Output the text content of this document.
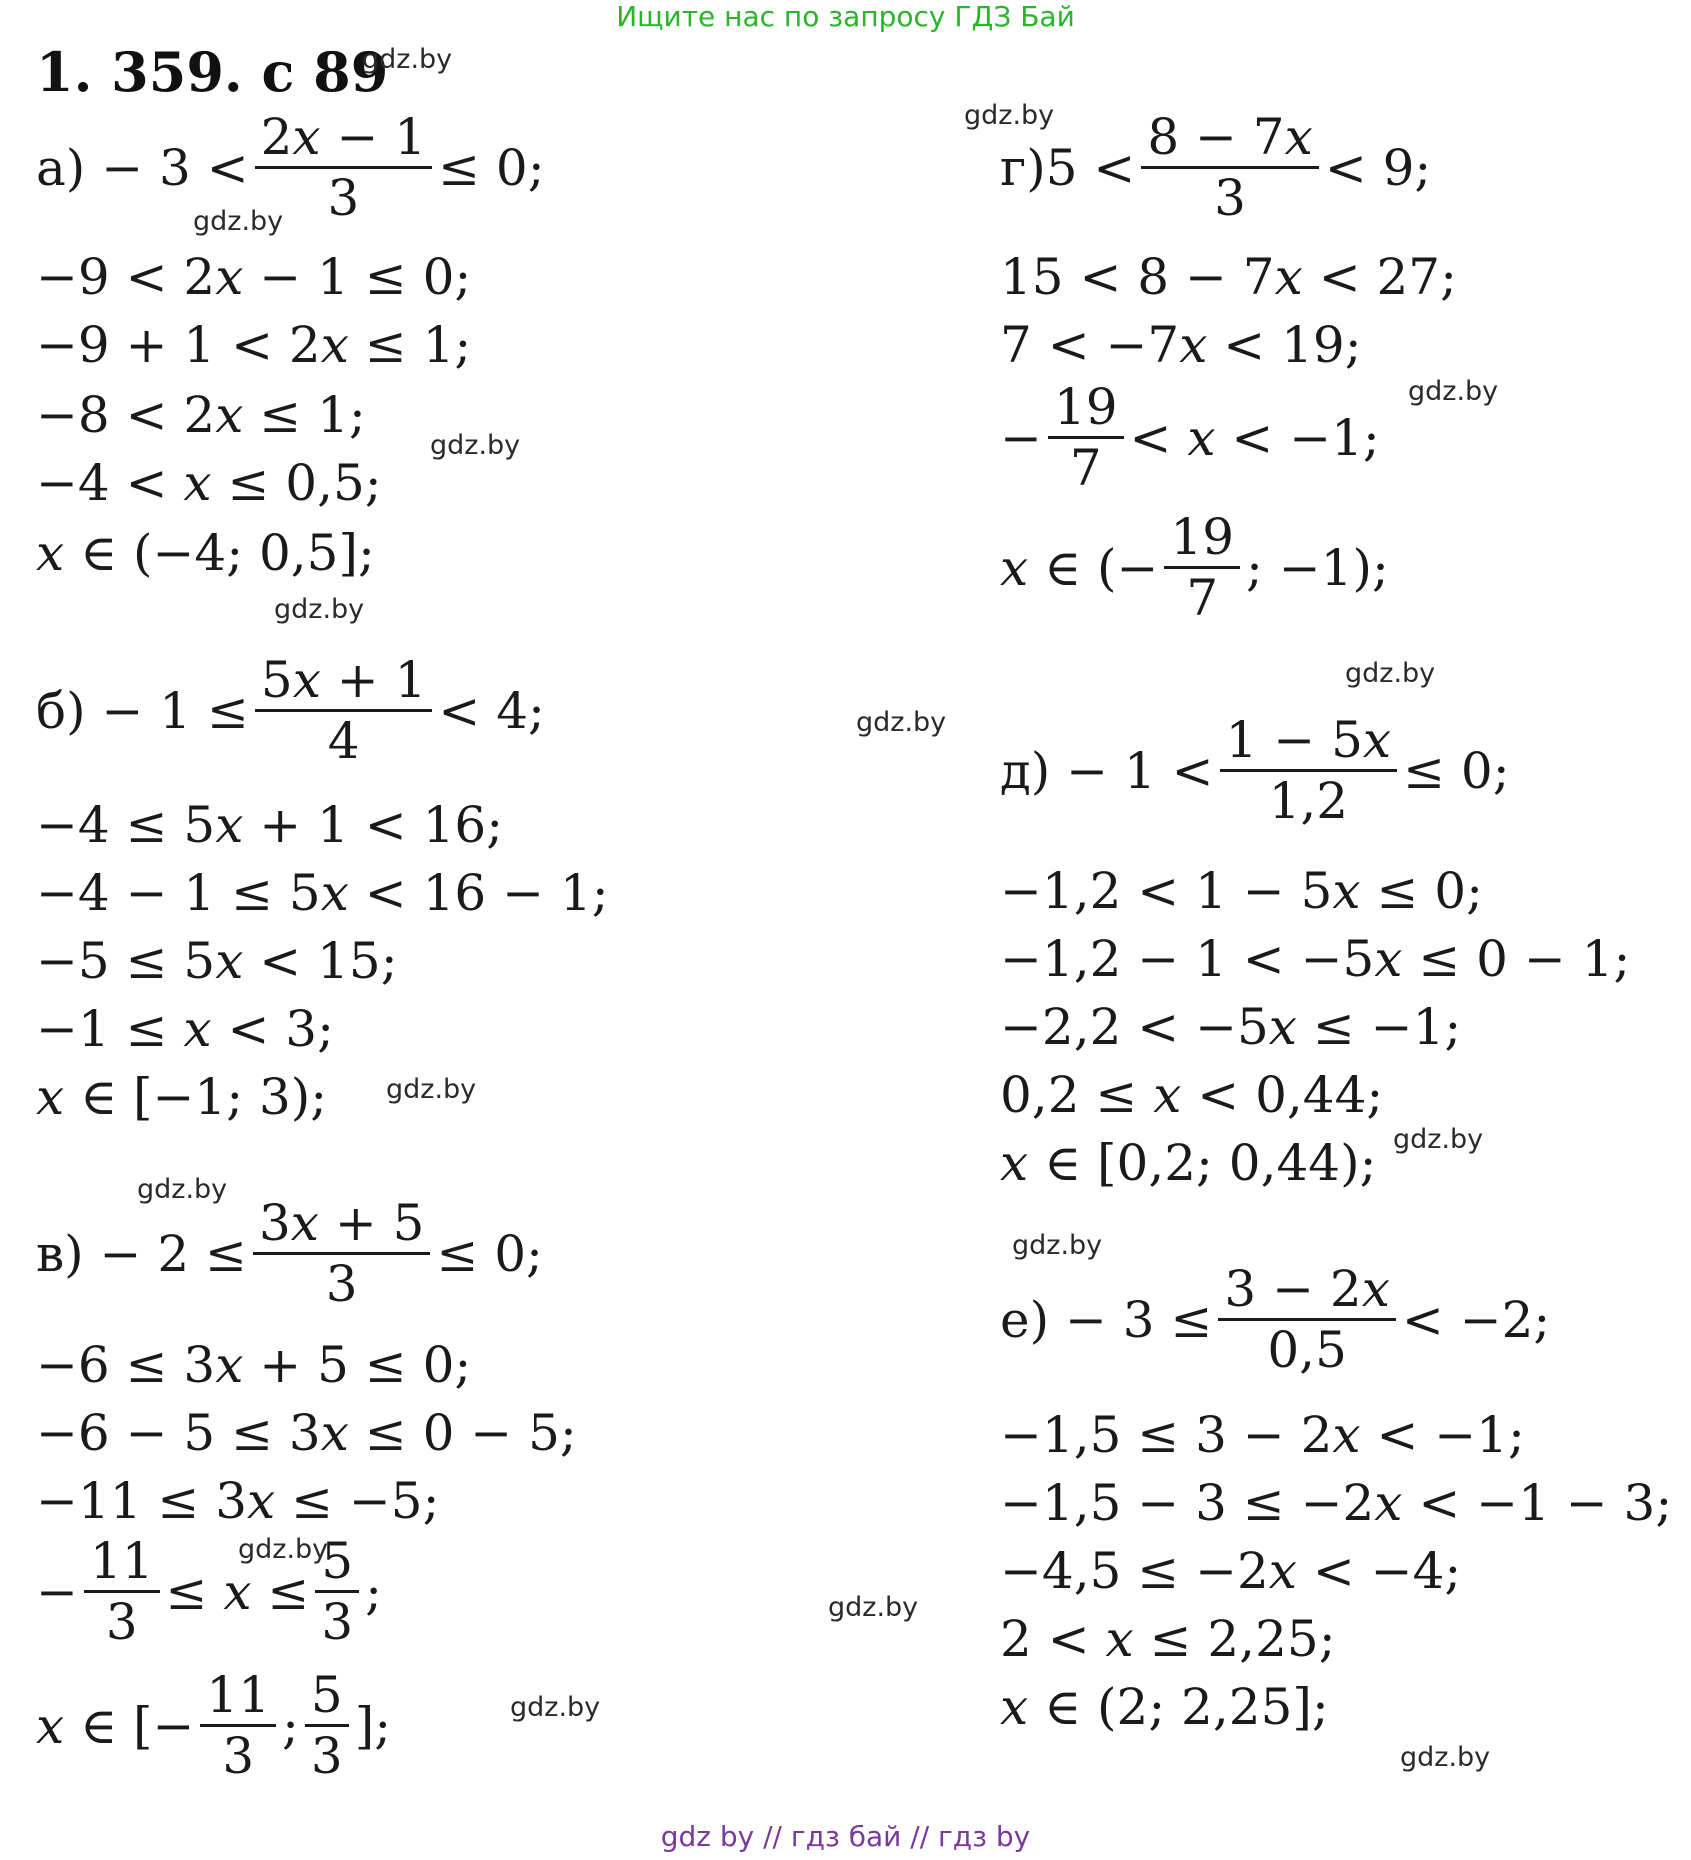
Ищите нас по запросу ГДЗ Бай
1. 359. с 89
$а) - 3 < \frac{\text{2𝑥 − 1}}{3} \le 0$;
−9 < 2𝑥 − 1 ≤ 0;
−9 + 1 < 2𝑥 ≤ 1;
−8 < 2𝑥 ≤ 1;
−4 < 𝑥 ≤ 0,5;
𝑥 ∈ (−4; 0,5];
$б) - 1 \le \frac{\text{5𝑥 + 1}}{4} < 4$;
−4 ≤ 5𝑥 + 1 < 16;
−4 − 1 ≤ 5𝑥 < 16 − 1;
−5 ≤ 5𝑥 < 15;
−1 ≤ 𝑥 < 3;
𝑥 ∈ [−1; 3);
$в) - 2 \le \frac{\text{3𝑥 + 5}}{3} \le 0$;
−6 ≤ 3𝑥 + 5 ≤ 0;
−6 − 5 ≤ 3𝑥 ≤ 0 − 5;
−11 ≤ 3𝑥 ≤ −5;
− $\frac{11}{3}$ ≤ 𝑥 ≤ $\frac{5}{3}$ ;
𝑥 ∈ [− $\frac{11}{3}$ ; $\frac{5}{3}$ ];
$г)5 < \frac{\text{8 − 7𝑥}}{3} < 9$;
15 < 8 − 7𝑥 < 27;
7 < −7𝑥 < 19;
− $\frac{19}{7}$ < 𝑥 < −1;
𝑥 ∈ (− $\frac{19}{7}$ ; −1);
$д) - 1 < \frac{\text{1 − 5𝑥}}{1,2} \le 0$;
−1,2 < 1 − 5𝑥 ≤ 0;
−1,2 − 1 < −5𝑥 ≤ 0 − 1;
−2,2 < −5𝑥 ≤ −1;
0,2 ≤ 𝑥 < 0,44;
𝑥 ∈ [0,2; 0,44);
$е) - 3 \le \frac{\text{3 − 2𝑥}}{0,5} < -2$;
−1,5 ≤ 3 − 2𝑥 < −1;
−1,5 − 3 ≤ −2𝑥 < −1 − 3;
−4,5 ≤ −2𝑥 < −4;
2 < 𝑥 ≤ 2,25;
𝑥 ∈ (2; 2,25];
gdz.by
gdz.by
gdz.by
gdz.by
gdz.by
gdz.by
gdz.by
gdz.by
gdz.by
gdz.by
gdz.by
gdz.by
gdz.by
gdz.by
gdz.by
gdz.by
gdz by // гдз бай // гдз by
